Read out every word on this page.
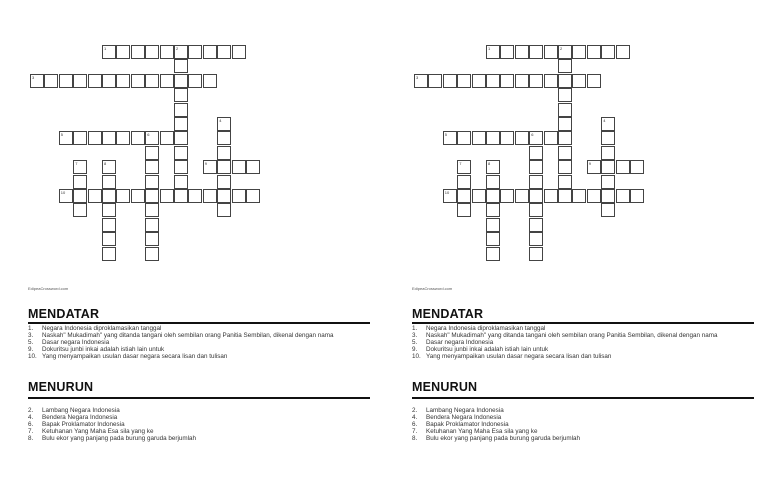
1	2
3
5	6
9
10
4
7	8
EdipeaCrossword.com
MENDATAR
1. Negara Indonesia diproklamasikan tanggal
3. Naskah" Mukadimah" yang ditanda tangani oleh sembilan orang Panitia Sembilan, dikenal dengan nama
5. Dasar negara Indonesia
9. Dokuritsu junbi inkai adalah istiah lain untuk
10. Yang menyampaikan usulan dasar negara secara lisan dan tulisan
MENURUN
2. Lambang Negara Indonesia
4. Bendera Negara Indonesia
6. Bapak Proklamator Indonesia
7. Ketuhanan Yang Maha Esa sila yang ke
8. Bulu ekor yang panjang pada burung garuda berjumlah
1	2
3
5	6
9
10
4
7	8
EdipeaCrossword.com
MENDATAR
1. Negara Indonesia diproklamasikan tanggal
3. Naskah" Mukadimah" yang ditanda tangani oleh sembilan orang Panitia Sembilan, dikenal dengan nama
5. Dasar negara Indonesia
9. Dokuritsu junbi inkai adalah istiah lain untuk
10. Yang menyampaikan usulan dasar negara secara lisan dan tulisan
MENURUN
2. Lambang Negara Indonesia
4. Bendera Negara Indonesia
6. Bapak Proklamator Indonesia
7. Ketuhanan Yang Maha Esa sila yang ke
8. Bulu ekor yang panjang pada burung garuda berjumlah
